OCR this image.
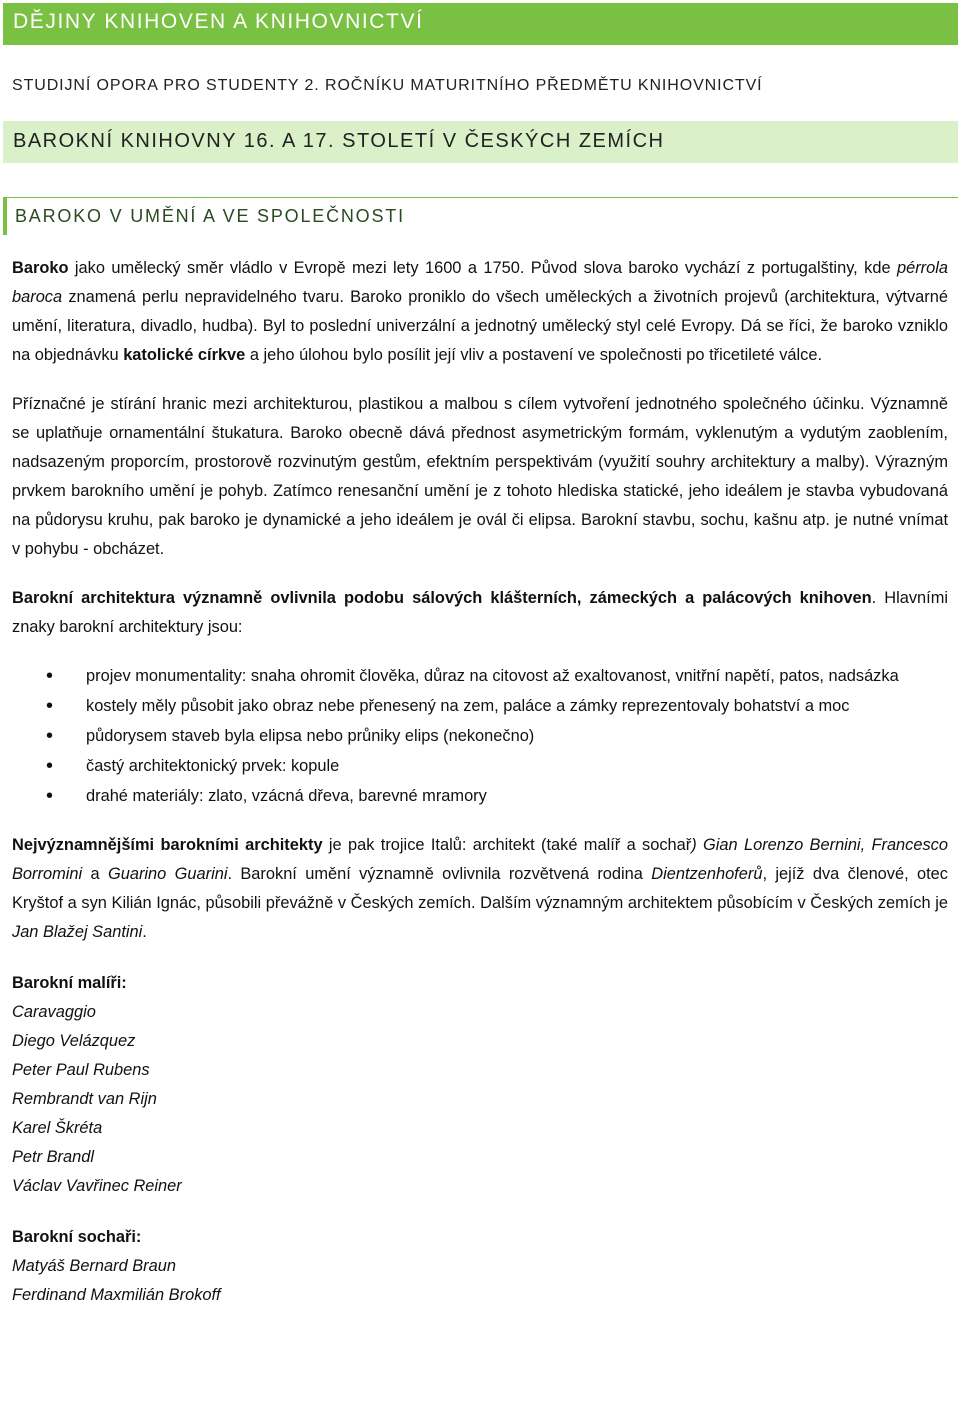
DĚJINY KNIHOVEN A KNIHOVNICTVÍ
STUDIJNÍ OPORA PRO STUDENTY 2. ROČNÍKU MATURITNÍHO PŘEDMĚTU KNIHOVNICTVÍ
BAROKNÍ KNIHOVNY 16. A 17. STOLETÍ V ČESKÝCH ZEMÍCH
BAROKO V UMĚNÍ A VE SPOLEČNOSTI

Baroko jako umělecký směr vládlo v Evropě mezi lety 1600 a 1750. Původ slova baroko vychází z portugalštiny, kde pérrola baroca znamená perlu nepravidelného tvaru. Baroko proniklo do všech uměleckých a životních projevů (architektura, výtvarné umění, literatura, divadlo, hudba). Byl to poslední univerzální a jednotný umělecký styl celé Evropy. Dá se říci, že baroko vzniklo na objednávku katolické církve a jeho úlohou bylo posílit její vliv a postavení ve společnosti po třicetileté válce.

Příznačné je stírání hranic mezi architekturou, plastikou a malbou s cílem vytvoření jednotného společného účinku. Významně se uplatňuje ornamentální štukatura. Baroko obecně dává přednost asymetrickým formám, vyklenutým a vydutým zaoblením, nadsazeným proporcím, prostorově rozvinutým gestům, efektním perspektivám (využití souhry architektury a malby). Výrazným prvkem barokního umění je pohyb. Zatímco renesanční umění je z tohoto hlediska statické, jeho ideálem je stavba vybudovaná na půdorysu kruhu, pak baroko je dynamické a jeho ideálem je ovál či elipsa. Barokní stavbu, sochu, kašnu atp. je nutné vnímat v pohybu - obcházet.

Barokní architektura významně ovlivnila podobu sálových klášterních, zámeckých a palácových knihoven. Hlavními znaky barokní architektury jsou:

• projev monumentality: snaha ohromit člověka, důraz na citovost až exaltovanost, vnitřní napětí, patos, nadsázka
• kostely měly působit jako obraz nebe přenesený na zem, paláce a zámky reprezentovaly bohatství a moc
• půdorysem staveb byla elipsa nebo průniky elips (nekonečno)
• častý architektonický prvek: kopule
• drahé materiály: zlato, vzácná dřeva, barevné mramory

Nejvýznamnějšími barokními architekty je pak trojice Italů: architekt (také malíř a sochař) Gian Lorenzo Bernini, Francesco Borromini a Guarino Guarini. Barokní umění významně ovlivnila rozvětvená rodina Dientzenhoferů, jejíž dva členové, otec Kryštof a syn Kilián Ignác, působili převážně v Českých zemích. Dalším významným architektem působícím v Českých zemích je Jan Blažej Santini.

Barokní malíři:
Caravaggio
Diego Velázquez
Peter Paul Rubens
Rembrandt van Rijn
Karel Škréta
Petr Brandl
Václav Vavřinec Reiner
Barokní sochaři:
Matyáš Bernard Braun
Ferdinand Maxmilián Brokoff
